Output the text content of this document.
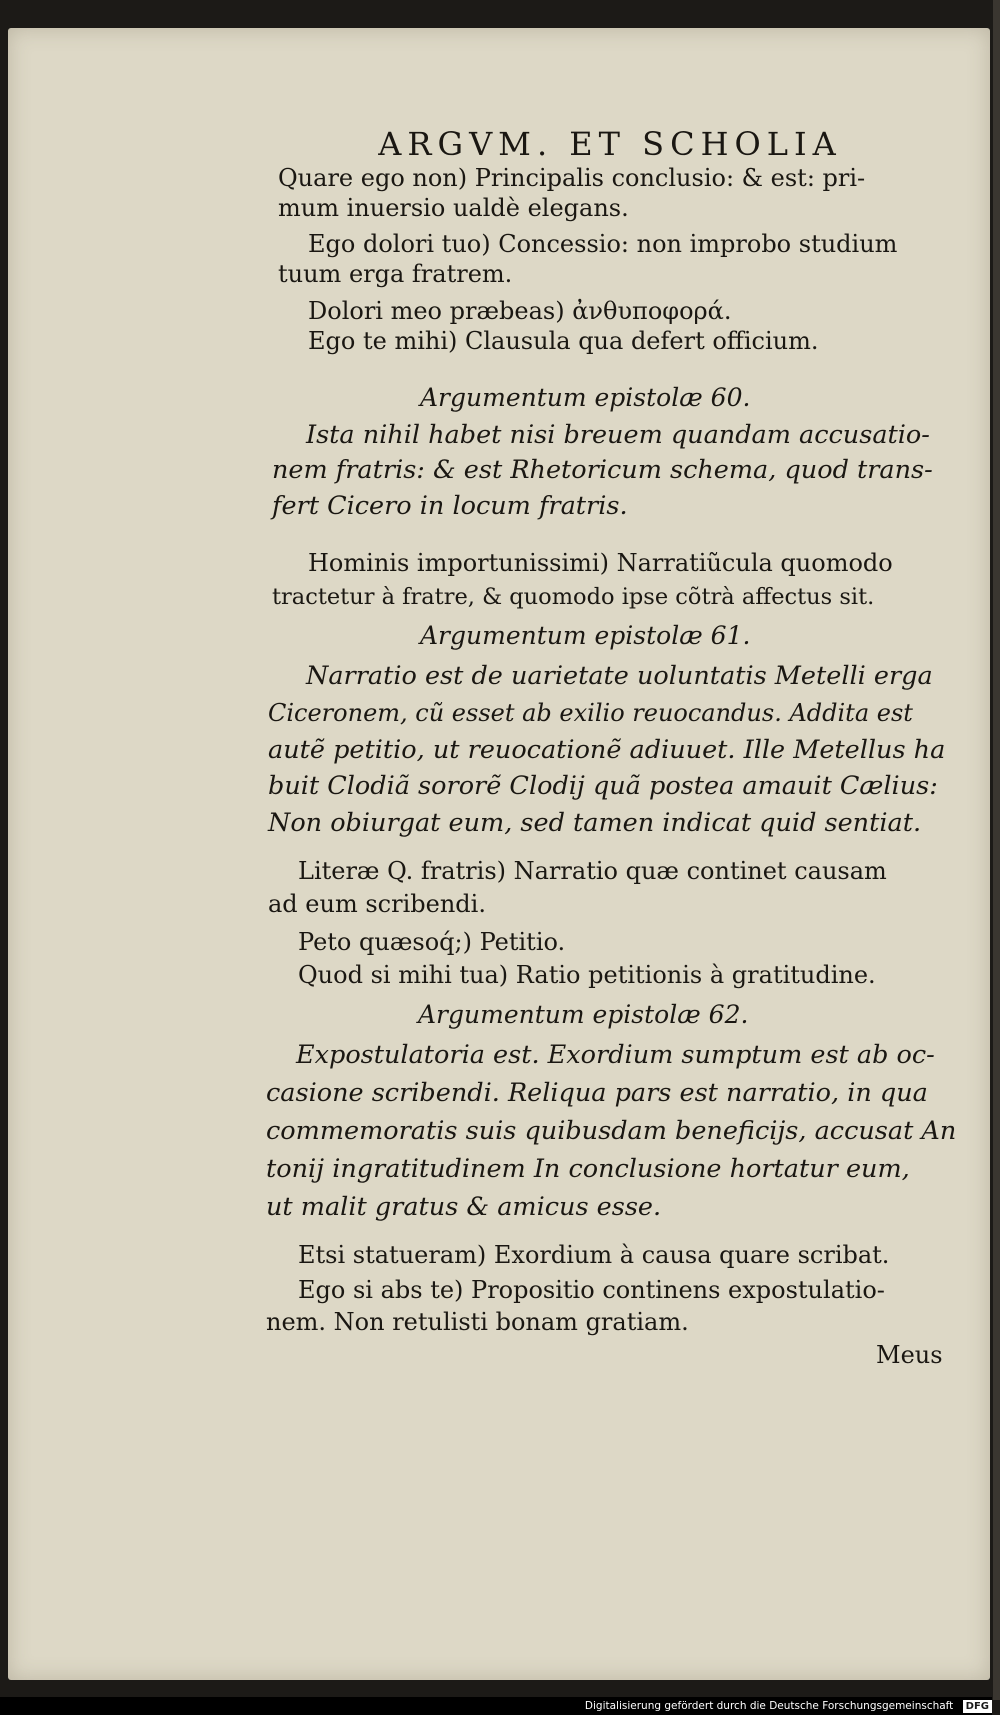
ARGVM. ET SCHOLIA
Quare ego non) Principalis conclusio: & est: pri-
mum inuersio ualdè elegans.
Ego dolori tuo) Concessio: non improbo studium
tuum erga fratrem.
Dolori meo præbeas) ἀνθυποφορά.
Ego te mihi) Clausula qua defert officium.
Argumentum epistolæ 60.
Ista nihil habet nisi breuem quandam accusatio-
nem fratris: & est Rhetoricum schema, quod trans-
fert Cicero in locum fratris.
Hominis importunissimi) Narratiũcula quomodo
tractetur à fratre, & quomodo ipse cõtrà affectus sit.
Argumentum epistolæ 61.
Narratio est de uarietate uoluntatis Metelli erga
Ciceronem, cũ esset ab exilio reuocandus. Addita est
autẽ petitio, ut reuocationẽ adiuuet. Ille Metellus ha
buit Clodiã sororẽ Clodij quã postea amauit Cælius:
Non obiurgat eum, sed tamen indicat quid sentiat.
Literæ Q. fratris) Narratio quæ continet causam
ad eum scribendi.
Peto quæsoq́;) Petitio.
Quod si mihi tua) Ratio petitionis à gratitudine.
Argumentum epistolæ 62.
Expostulatoria est. Exordium sumptum est ab oc-
casione scribendi. Reliqua pars est narratio, in qua
commemoratis suis quibusdam beneficijs, accusat An
tonij ingratitudinem In conclusione hortatur eum,
ut malit gratus & amicus esse.
Etsi statueram) Exordium à causa quare scribat.
Ego si abs te) Propositio continens expostulatio-
nem. Non retulisti bonam gratiam.
Meus
Digitalisierung gefördert durch die Deutsche Forschungsgemeinschaft DFG
